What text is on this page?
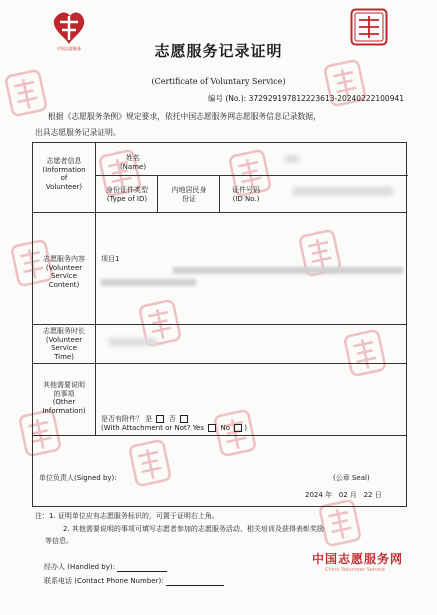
中国志愿服务	志愿服务记录证明
(Certificate of Voluntary Service)
编号 (No.): 372929197812223613-20240222100941
根据《志愿服务条例》规定要求，依托中国志愿服务网志愿服务信息记录数据，
出具志愿服务记录证明。
志愿者信息
(Information
of
Volunteer)
姓名
(Name)
身份证件类型
(Type of ID)
内地居民身
份证
证件号码
(ID No.)
志愿服务内容
(Volunteer
Service
Content)
项目1
志愿服务时长
(Volunteer
Service
Time)
其他需要说明
的事项
(Other
Information)
是否有附件？ 是 否
(With Attachment or Not? Yes No )
单位负责人(Signed by):	(公章 Seal)
2024 年 02 月 22 日
注：1. 证明单位应有志愿服务标识的，可置于证明右上角。
2. 其他需要说明的事项可填写志愿者参加的志愿服务活动、相关培训及获得表彰奖励
等信息。
中国志愿服务网
China Volunteer Service
经办人 (Handled by):
联系电话 (Contact Phone Number):
